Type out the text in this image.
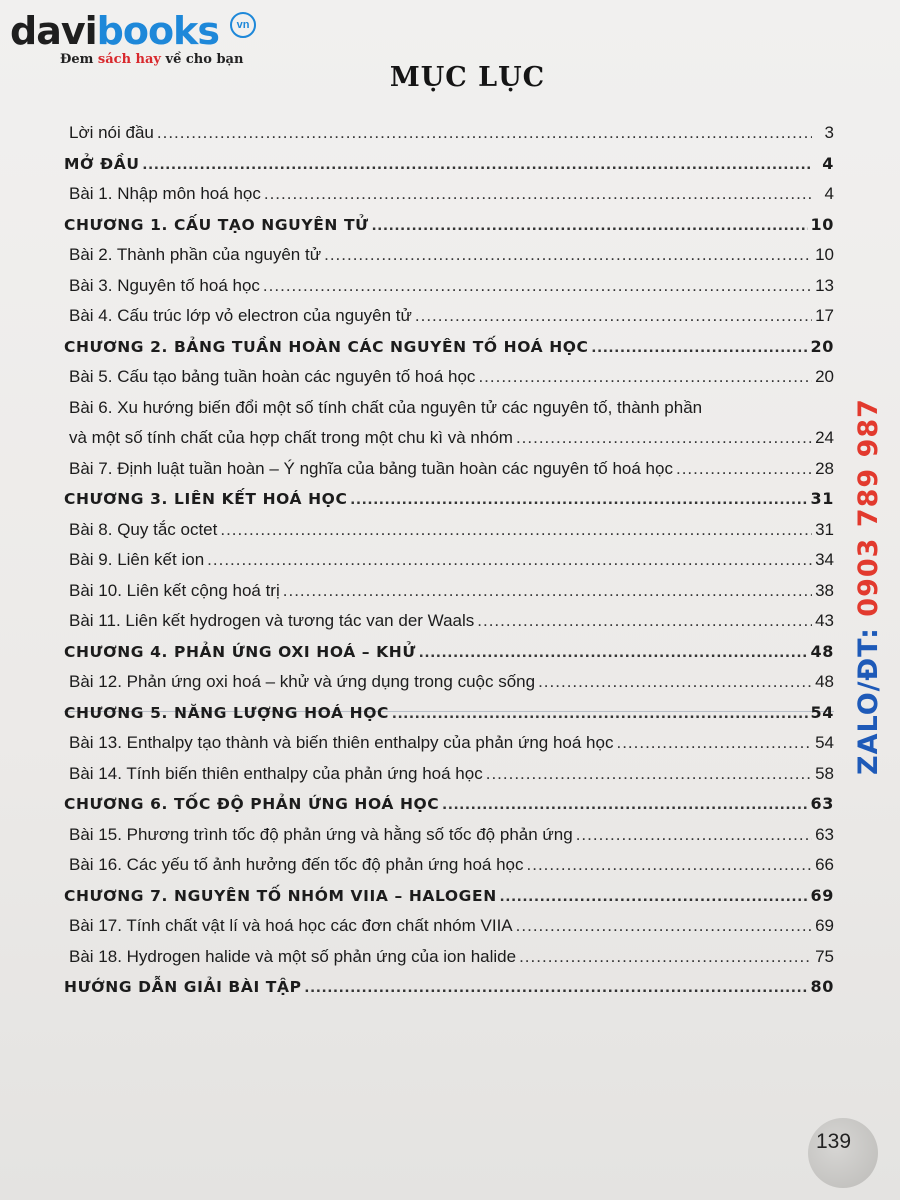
davibooks	vn
Đem sách hay về cho bạn
MỤC LỤC
Lời nói đầu .....	3
MỞ ĐẦU .....	4
Bài 1. Nhập môn hoá học .....	4
CHƯƠNG 1. CẤU TẠO NGUYÊN TỬ .....	10
Bài 2. Thành phần của nguyên tử .....	10
Bài 3. Nguyên tố hoá học .....	13
Bài 4. Cấu trúc lớp vỏ electron của nguyên tử .....	17
CHƯƠNG 2. BẢNG TUẦN HOÀN CÁC NGUYÊN TỐ HOÁ HỌC .....	20
Bài 5. Cấu tạo bảng tuần hoàn các nguyên tố hoá học .....	20
Bài 6. Xu hướng biến đổi một số tính chất của nguyên tử các nguyên tố, thành phần
và một số tính chất của hợp chất trong một chu kì và nhóm .....	24
Bài 7. Định luật tuần hoàn – Ý nghĩa của bảng tuần hoàn các nguyên tố hoá học .....	28
CHƯƠNG 3. LIÊN KẾT HOÁ HỌC .....	31
Bài 8. Quy tắc octet .....	31
Bài 9. Liên kết ion .....	34
Bài 10. Liên kết cộng hoá trị .....	38
Bài 11. Liên kết hydrogen và tương tác van der Waals .....	43
CHƯƠNG 4. PHẢN ỨNG OXI HOÁ – KHỬ .....	48
Bài 12. Phản ứng oxi hoá – khử và ứng dụng trong cuộc sống .....	48
CHƯƠNG 5. NĂNG LƯỢNG HOÁ HỌC .....	54
Bài 13. Enthalpy tạo thành và biến thiên enthalpy của phản ứng hoá học .....	54
Bài 14. Tính biến thiên enthalpy của phản ứng hoá học .....	58
CHƯƠNG 6. TỐC ĐỘ PHẢN ỨNG HOÁ HỌC .....	63
Bài 15. Phương trình tốc độ phản ứng và hằng số tốc độ phản ứng .....	63
Bài 16. Các yếu tố ảnh hưởng đến tốc độ phản ứng hoá học .....	66
CHƯƠNG 7. NGUYÊN TỐ NHÓM VIIA – HALOGEN .....	69
Bài 17. Tính chất vật lí và hoá học các đơn chất nhóm VIIA .....	69
Bài 18. Hydrogen halide và một số phản ứng của ion halide .....	75
HƯỚNG DẪN GIẢI BÀI TẬP .....	80
ZALO/ĐT: 0903 789 987
139
